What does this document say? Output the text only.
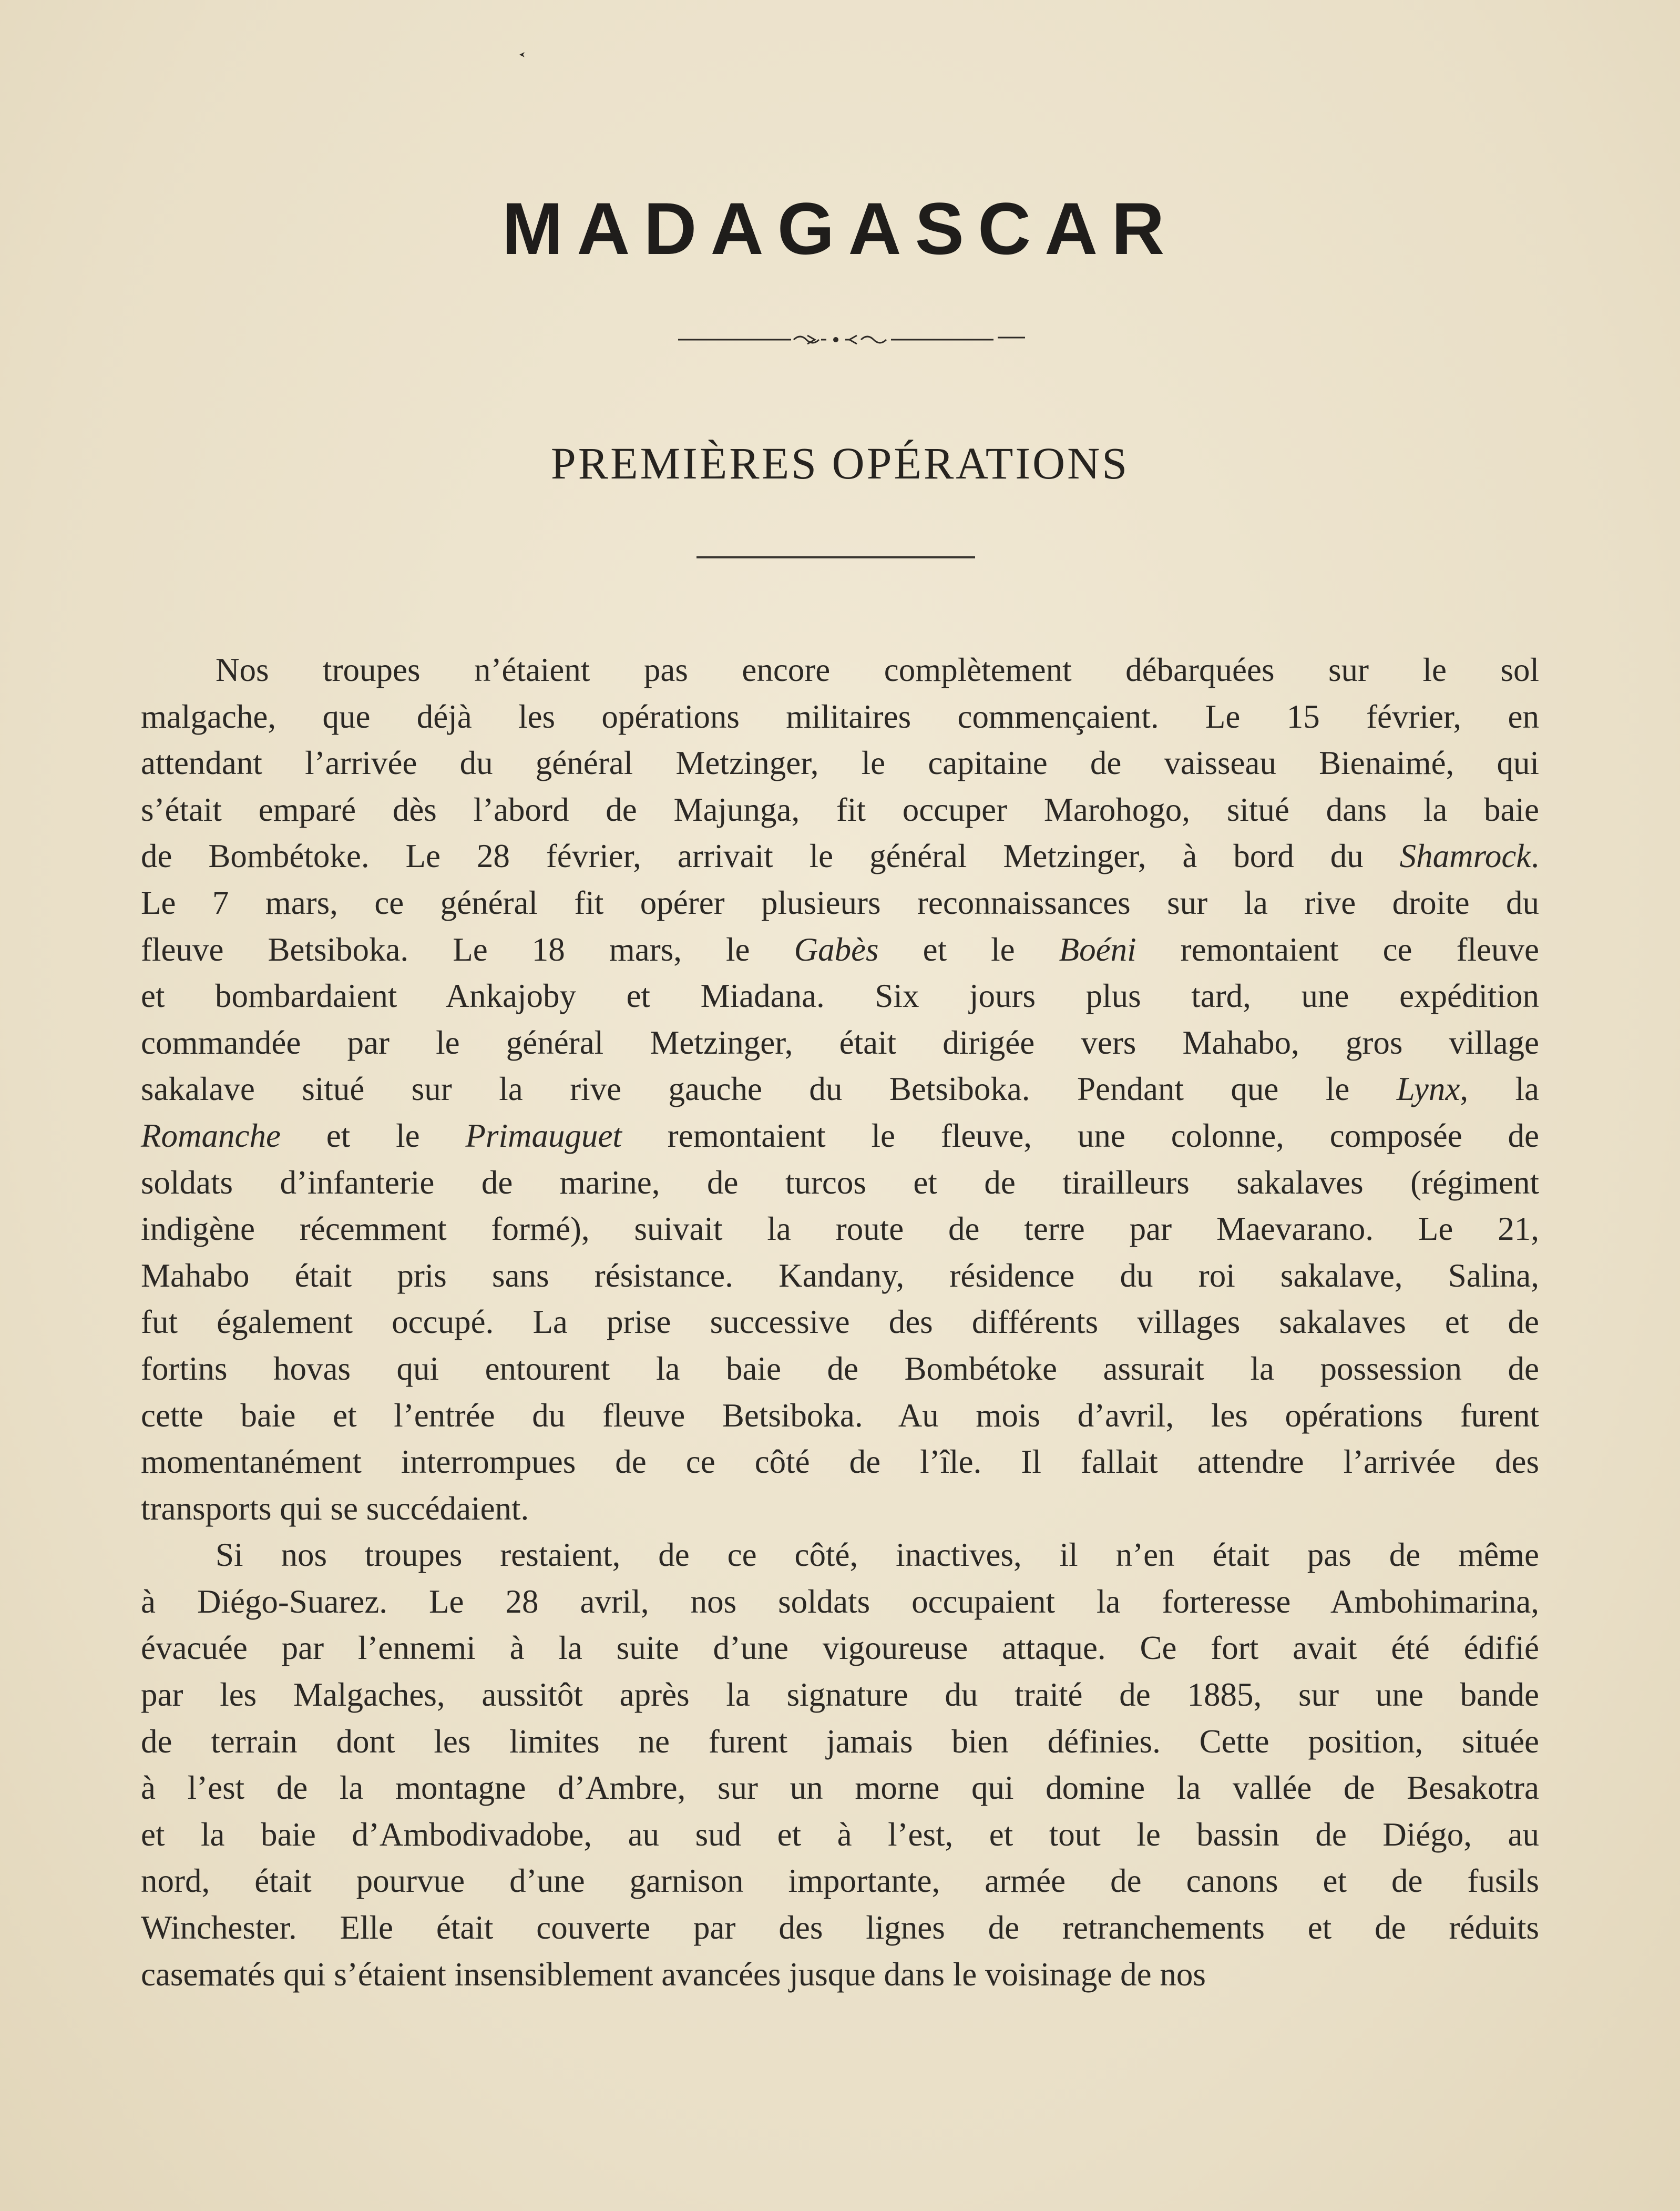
MADAGASCAR
PREMIÈRES OPÉRATIONS
Nos troupes n’étaient pas encore complètement débarquées sur le sol
malgache, que déjà les opérations militaires commençaient. Le 15 février, en
attendant l’arrivée du général Metzinger, le capitaine de vaisseau Bienaimé, qui
s’était emparé dès l’abord de Majunga, fit occuper Marohogo, situé dans la baie
de Bombétoke. Le 28 février, arrivait le général Metzinger, à bord du Shamrock.
Le 7 mars, ce général fit opérer plusieurs reconnaissances sur la rive droite du
fleuve Betsiboka. Le 18 mars, le Gabès et le Boéni remontaient ce fleuve
et bombardaient Ankajoby et Miadana. Six jours plus tard, une expédition
commandée par le général Metzinger, était dirigée vers Mahabo, gros village
sakalave situé sur la rive gauche du Betsiboka. Pendant que le Lynx, la
Romanche et le Primauguet remontaient le fleuve, une colonne, composée de
soldats d’infanterie de marine, de turcos et de tirailleurs sakalaves (régiment
indigène récemment formé), suivait la route de terre par Maevarano. Le 21,
Mahabo était pris sans résistance. Kandany, résidence du roi sakalave, Salina,
fut également occupé. La prise successive des différents villages sakalaves et de
fortins hovas qui entourent la baie de Bombétoke assurait la possession de
cette baie et l’entrée du fleuve Betsiboka. Au mois d’avril, les opérations furent
momentanément interrompues de ce côté de l’île. Il fallait attendre l’arrivée des
transports qui se succédaient.
Si nos troupes restaient, de ce côté, inactives, il n’en était pas de même
à Diégo-Suarez. Le 28 avril, nos soldats occupaient la forteresse Ambohimarina,
évacuée par l’ennemi à la suite d’une vigoureuse attaque. Ce fort avait été édifié
par les Malgaches, aussitôt après la signature du traité de 1885, sur une bande
de terrain dont les limites ne furent jamais bien définies. Cette position, située
à l’est de la montagne d’Ambre, sur un morne qui domine la vallée de Besakotra
et la baie d’Ambodivadobe, au sud et à l’est, et tout le bassin de Diégo, au
nord, était pourvue d’une garnison importante, armée de canons et de fusils
Winchester. Elle était couverte par des lignes de retranchements et de réduits
casematés qui s’étaient insensiblement avancées jusque dans le voisinage de nos
